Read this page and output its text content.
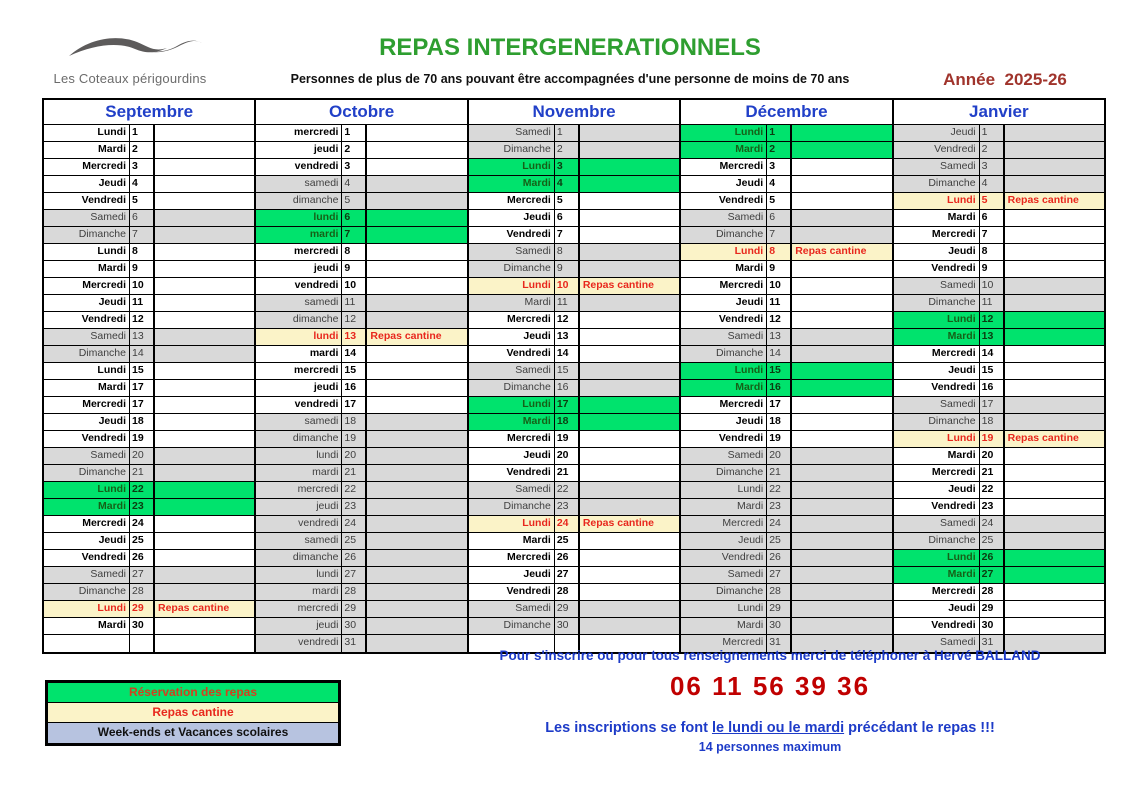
Les Coteaux périgourdins
REPAS INTERGENERATIONNELS
Personnes de plus de 70 ans pouvant être accompagnées d'une personne de moins de 70 ans	Année  2025-26
Septembre
Lundi 1
Mardi 2
Mercredi 3
Jeudi 4
Vendredi 5
Samedi 6
Dimanche 7
Lundi 8
Mardi 9
Mercredi 10
Jeudi 11
Vendredi 12
Samedi 13
Dimanche 14
Lundi 15
Mardi 17
Mercredi 17
Jeudi 18
Vendredi 19
Samedi 20
Dimanche 21
Lundi 22
Mardi 23
Mercredi 24
Jeudi 25
Vendredi 26
Samedi 27
Dimanche 28
Lundi 29	Repas cantine
Mardi 30
Octobre
mercredi 1
jeudi 2
vendredi 3
samedi 4
dimanche 5
lundi 6
mardi 7
mercredi 8
jeudi 9
vendredi 10
samedi 11
dimanche 12
lundi 13	Repas cantine
mardi 14
mercredi 15
jeudi 16
vendredi 17
samedi 18
dimanche 19
lundi 20
mardi 21
mercredi 22
jeudi 23
vendredi 24
samedi 25
dimanche 26
lundi 27
mardi 28
mercredi 29
jeudi 30
vendredi 31
Novembre
Samedi 1
Dimanche 2
Lundi 3
Mardi 4
Mercredi 5
Jeudi 6
Vendredi 7
Samedi 8
Dimanche 9
Lundi 10	Repas cantine
Mardi 11
Mercredi 12
Jeudi 13
Vendredi 14
Samedi 15
Dimanche 16
Lundi 17
Mardi 18
Mercredi 19
Jeudi 20
Vendredi 21
Samedi 22
Dimanche 23
Lundi 24	Repas cantine
Mardi 25
Mercredi 26
Jeudi 27
Vendredi 28
Samedi 29
Dimanche 30
Décembre
Lundi 1
Mardi 2
Mercredi 3
Jeudi 4
Vendredi 5
Samedi 6
Dimanche 7
Lundi 8	Repas cantine
Mardi 9
Mercredi 10
Jeudi 11
Vendredi 12
Samedi 13
Dimanche 14
Lundi 15
Mardi 16
Mercredi 17
Jeudi 18
Vendredi 19
Samedi 20
Dimanche 21
Lundi 22
Mardi 23
Mercredi 24
Jeudi 25
Vendredi 26
Samedi 27
Dimanche 28
Lundi 29
Mardi 30
Mercredi 31
Janvier
Jeudi 1
Vendredi 2
Samedi 3
Dimanche 4
Lundi 5	Repas cantine
Mardi 6
Mercredi 7
Jeudi 8
Vendredi 9
Samedi 10
Dimanche 11
Lundi 12
Mardi 13
Mercredi 14
Jeudi 15
Vendredi 16
Samedi 17
Dimanche 18
Lundi 19	Repas cantine
Mardi 20
Mercredi 21
Jeudi 22
Vendredi 23
Samedi 24
Dimanche 25
Lundi 26
Mardi 27
Mercredi 28
Jeudi 29
Vendredi 30
Samedi 31
Réservation des repas
Repas cantine
Week-ends et Vacances scolaires
Pour s'inscrire ou pour tous renseignements merci de téléphoner à Hervé BALLAND
06 11 56 39 36
Les inscriptions se font le lundi ou le mardi précédant le repas !!!
14 personnes maximum
